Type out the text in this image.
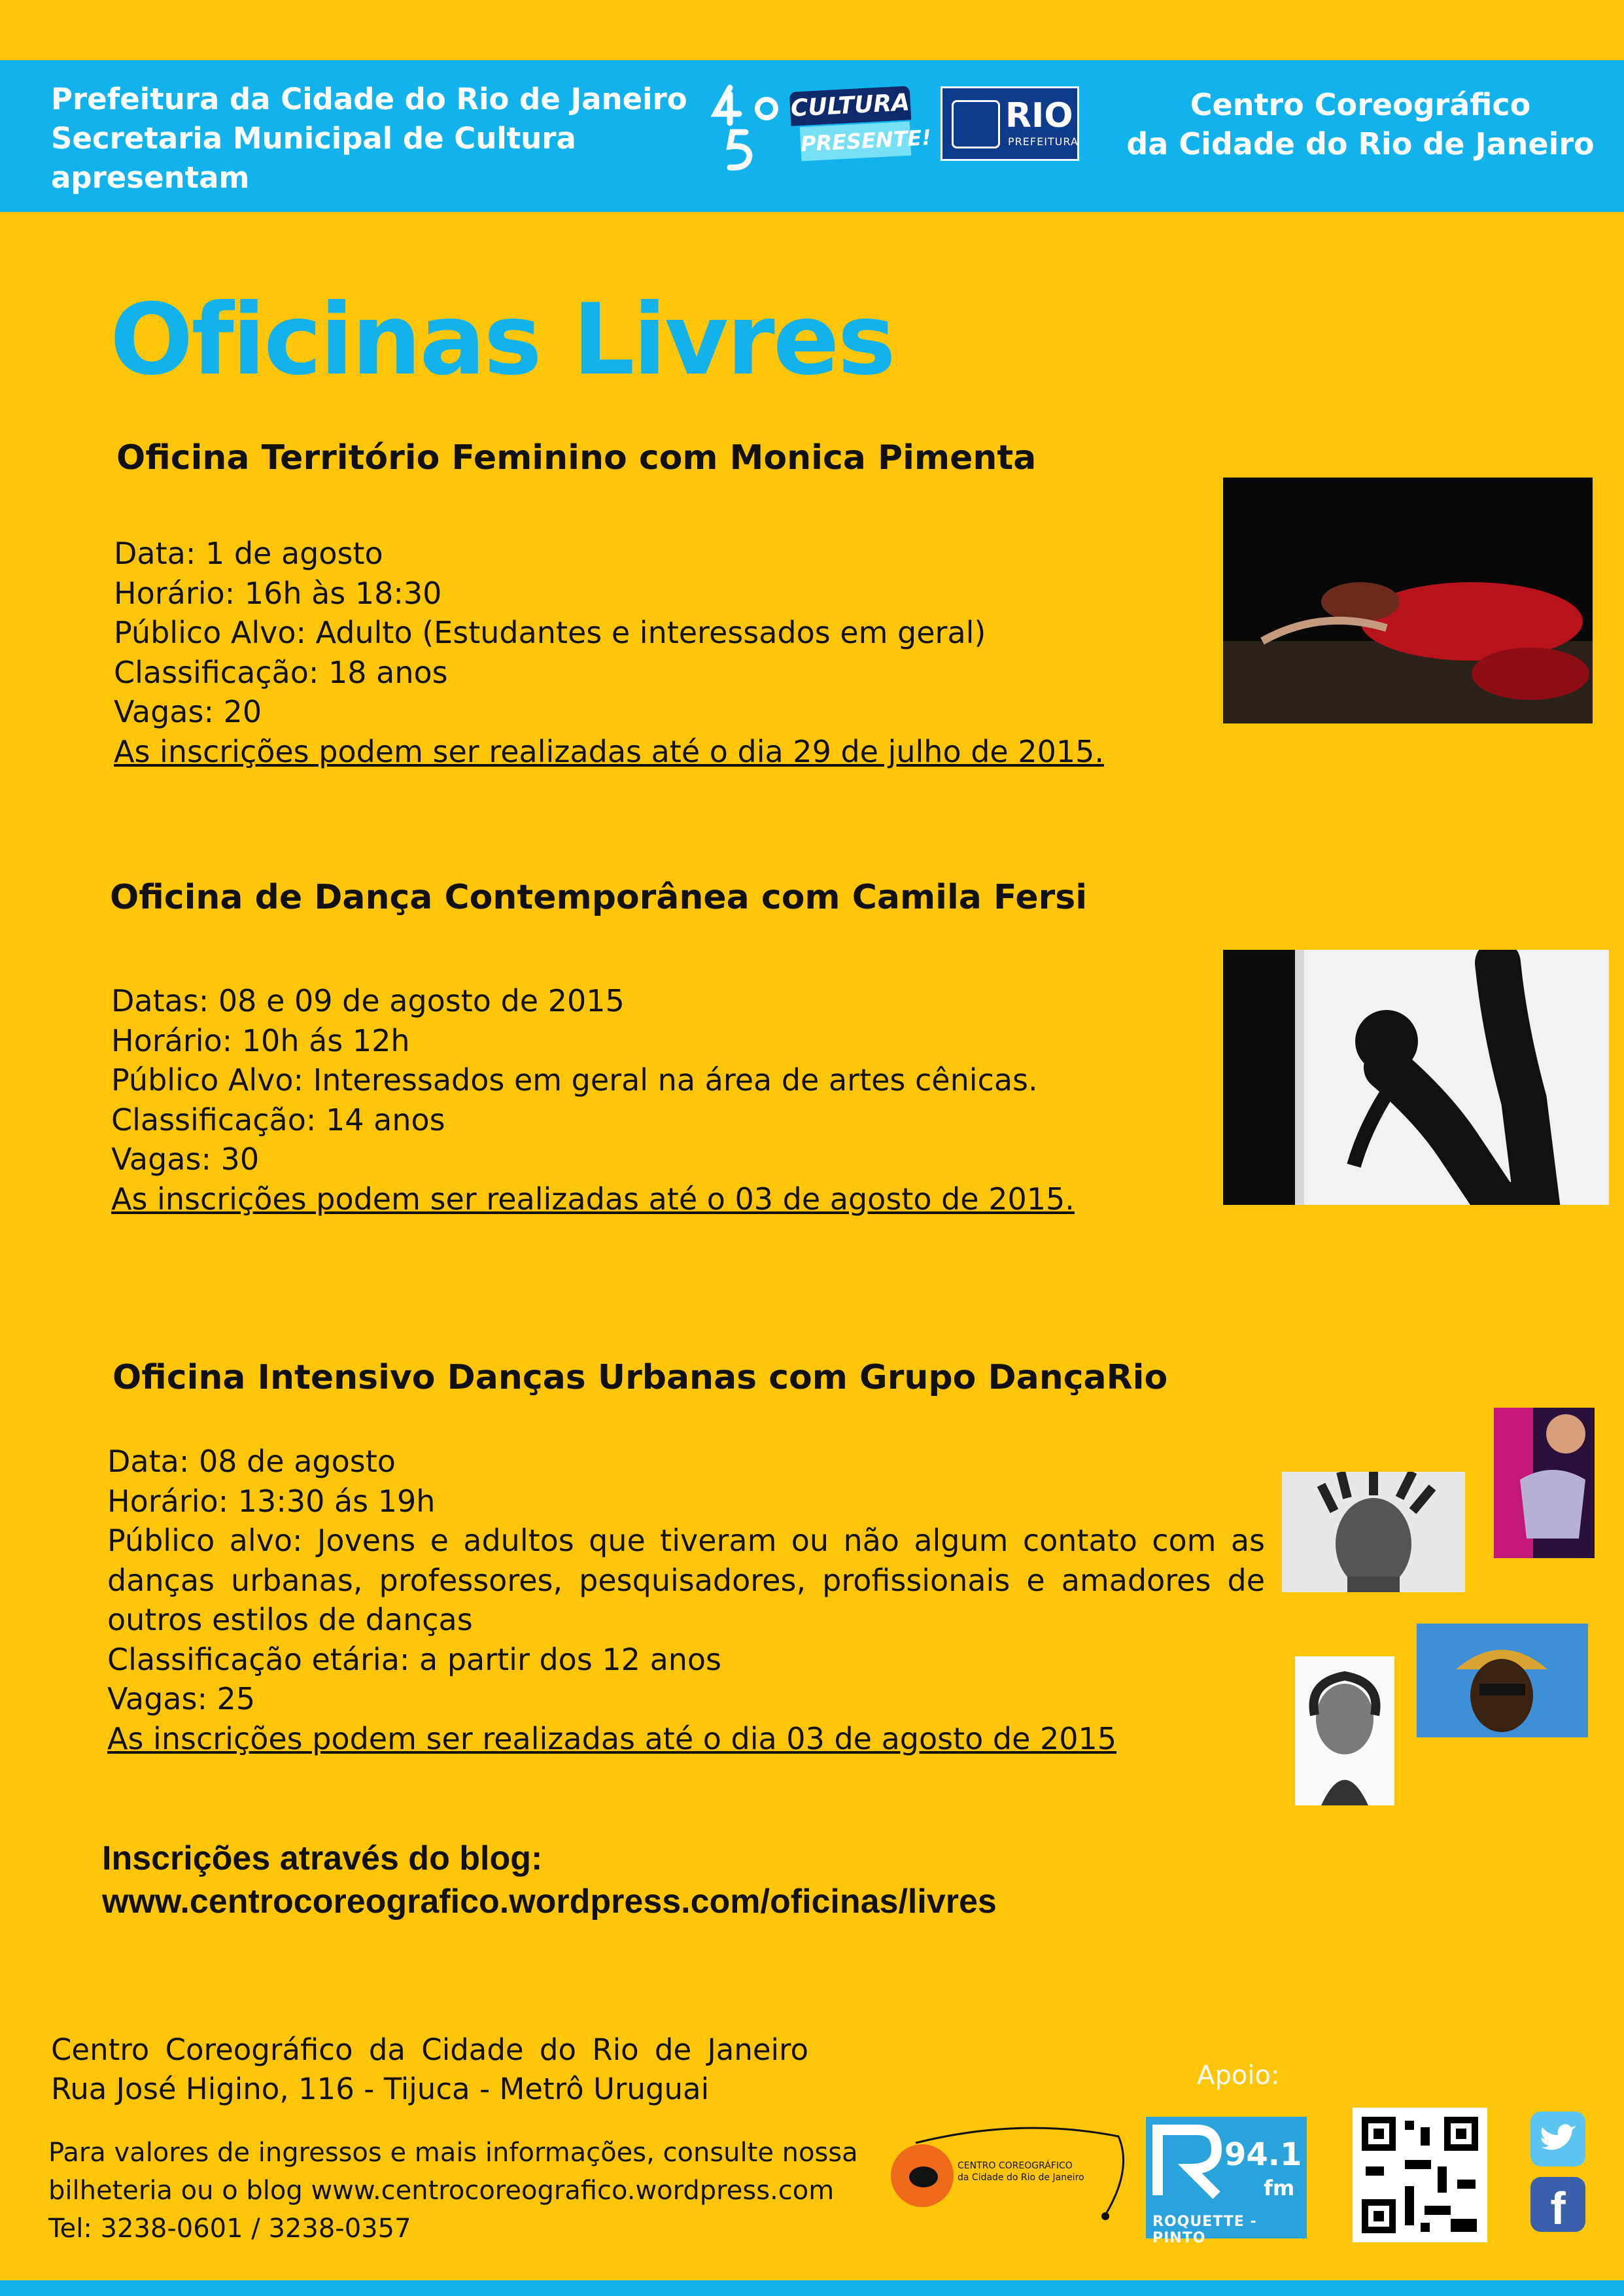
Prefeitura da Cidade do Rio de Janeiro
Secretaria Municipal de Cultura
apresentam
CULTURA
PRESENTE!
RIO
PREFEITURA
Centro Coreográfico
da Cidade do Rio de Janeiro
Oficinas Livres
Oficina Território Feminino com Monica Pimenta
Data: 1 de agosto
Horário: 16h às 18:30
Público Alvo: Adulto (Estudantes e interessados em geral)
Classificação: 18 anos
Vagas: 20
As inscrições podem ser realizadas até o dia 29 de julho de 2015.
Oficina de Dança Contemporânea com Camila Fersi
Datas: 08 e 09 de agosto de 2015
Horário: 10h ás 12h
Público Alvo: Interessados em geral na área de artes cênicas.
Classificação: 14 anos
Vagas: 30
As inscrições podem ser realizadas até o 03 de agosto de 2015.
Oficina Intensivo Danças Urbanas com Grupo DançaRio
Data: 08 de agosto
Horário: 13:30 ás 19h
Público alvo: Jovens e adultos que tiveram ou não algum contato com as danças urbanas, professores, pesquisadores, profissionais e amadores de outros estilos de danças
Classificação etária: a partir dos 12 anos
Vagas: 25
As inscrições podem ser realizadas até o dia 03 de agosto de 2015
Inscrições através do blog:
www.centrocoreografico.wordpress.com/oficinas/livres
Centro Coreográfico da Cidade do Rio de Janeiro
Rua José Higino, 116 - Tijuca - Metrô Uruguai
Para valores de ingressos e mais informações, consulte nossa
bilheteria ou o blog www.centrocoreografico.wordpress.com
Tel: 3238-0601 / 3238-0357
Apoio:
CENTRO COREOGRÁFICO
da Cidade do Rio de Janeiro
94.1
fm
ROQUETTE - PINTO
f
